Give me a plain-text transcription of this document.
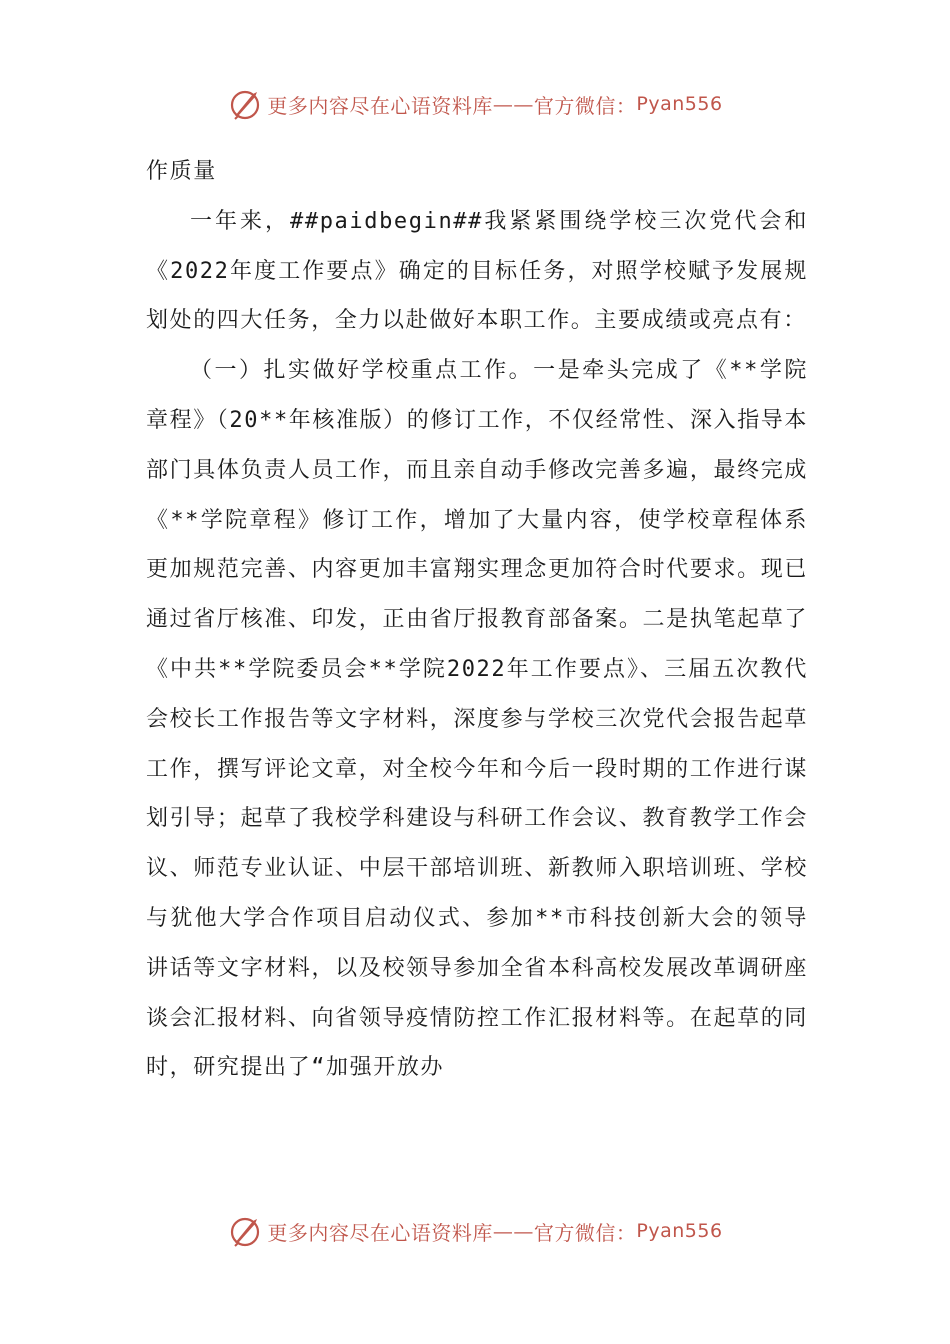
更多内容尽在心语资料库 —— 官方微信： Pyan556

作质量

一年来，##paidbegin##我紧紧围绕学校三次党代会和《2022年度工作要点》确定的目标任务，对照学校赋予发展规划处的四大任务，全力以赴做好本职工作。主要成绩或亮点有：

（一）扎实做好学校重点工作。一是牵头完成了《**学院章程》（20**年核准版）的修订工作，不仅经常性、深入指导本部门具体负责人员工作，而且亲自动手修改完善多遍，最终完成《**学院章程》修订工作，增加了大量内容，使学校章程体系更加规范完善、内容更加丰富翔实理念更加符合时代要求。现已通过省厅核准、印发，正由省厅报教育部备案。二是执笔起草了《中共**学院委员会**学院2022年工作要点》、三届五次教代会校长工作报告等文字材料，深度参与学校三次党代会报告起草工作，撰写评论文章，对全校今年和今后一段时期的工作进行谋划引导；起草了我校学科建设与科研工作会议、教育教学工作会议、师范专业认证、中层干部培训班、新教师入职培训班、学校与犹他大学合作项目启动仪式、参加**市科技创新大会的领导讲话等文字材料，以及校领导参加全省本科高校发展改革调研座谈会汇报材料、向省领导疫情防控工作汇报材料等。在起草的同时，研究提出了“加强开放办

更多内容尽在心语资料库 —— 官方微信： Pyan556
